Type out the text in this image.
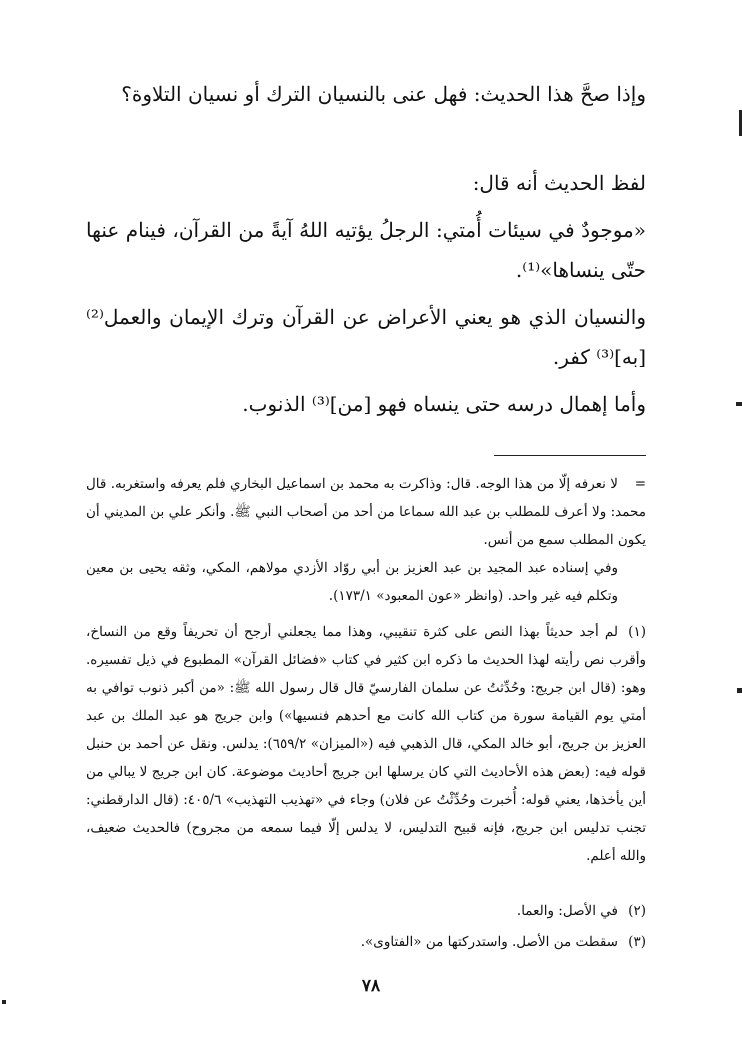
وإذا صحَّ هذا الحديث: فهل عنى بالنسيان الترك أو نسيان التلاوة؟

لفظ الحديث أنه قال:

«موجودٌ في سيئات أُمتي: الرجلُ يؤتيه اللهُ آيةً من القرآن، فينام عنها حتّى ينساها»⁽¹⁾.

والنسيان الذي هو يعني الأعراض عن القرآن وترك الإيمان والعمل⁽²⁾ [به]⁽³⁾ كفر.

وأما إهمال درسه حتى ينساه فهو [من]⁽³⁾ الذنوب.

=لا نعرفه إلّا من هذا الوجه. قال: وذاكرت به محمد بن اسماعيل البخاري فلم يعرفه واستغربه. قال محمد: ولا أعرف للمطلب بن عبد الله سماعا من أحد من أصحاب النبي ﷺ. وأنكر علي بن المديني أن يكون المطلب سمع من أنس.

وفي إسناده عبد المجيد بن عبد العزيز بن أبي روّاد الأزدي مولاهم، المكي، وثقه يحيى بن معين وتكلم فيه غير واحد. (وانظر «عون المعبود» ١٧٣/١).

(١)لم أجد حديثاً بهذا النص على كثرة تنقيبي، وهذا مما يجعلني أرجح أن تحريفاً وقع من النساخ، وأقرب نص رأيته لهذا الحديث ما ذكره ابن كثير في كتاب «فضائل القرآن» المطبوع في ذيل تفسيره. وهو: (قال ابن جريج: وحُدِّثتُ عن سلمان الفارسيّ قال قال رسول الله ﷺ: «من أكبر ذنوب توافي به أمتي يوم القيامة سورة من كتاب الله كانت مع أحدهم فنسيها») وابن جريج هو عبد الملك بن عبد العزيز بن جريج، أبو خالد المكي، قال الذهبي فيه («الميزان» ٦٥٩/٢): يدلس. ونقل عن أحمد بن حنبل قوله فيه: (بعض هذه الأحاديث التي كان يرسلها ابن جريج أحاديث موضوعة. كان ابن جريج لا يبالي من أين يأخذها، يعني قوله: أُخبرت وحُدِّثْتُ عن فلان) وجاء في «تهذيب التهذيب» ٤٠٥/٦: (قال الدارقطني: تجنب تدليس ابن جريج، فإنه قبيح التدليس، لا يدلس إلّا فيما سمعه من مجروح) فالحديث ضعيف، والله أعلم.

(٢)في الأصل: والعما.

(٣)سقطت من الأصل. واستدركتها من «الفتاوى».

٧٨
